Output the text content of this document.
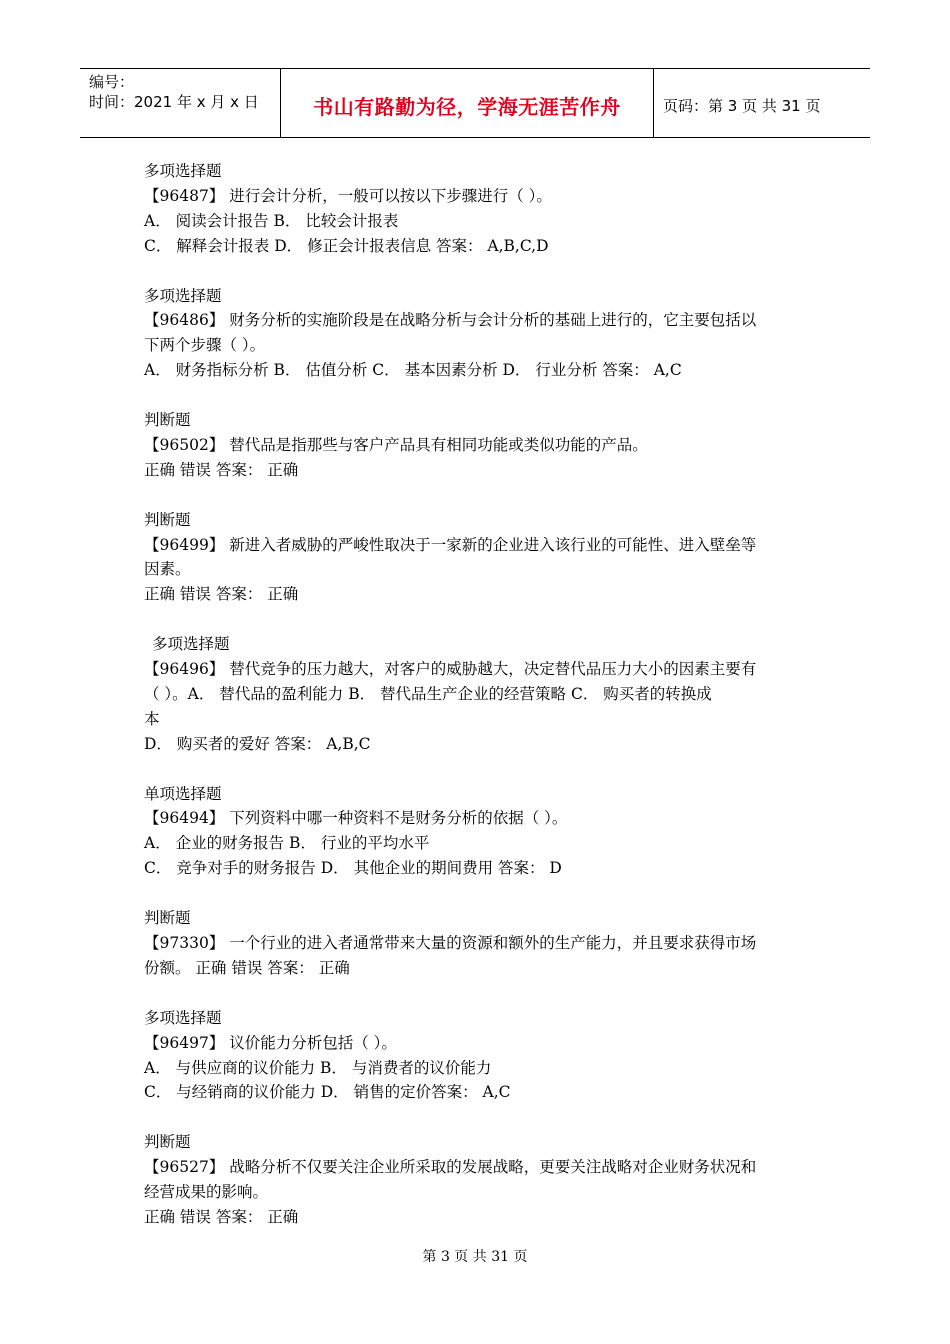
编号：
时间：2021 年 x 月 x 日	书山有路勤为径，学海无涯苦作舟	页码：第 3 页 共 31 页
多项选择题
【96487】 进行会计分析，一般可以按以下步骤进行（ ）。
A． 阅读会计报告 B． 比较会计报表
C． 解释会计报表 D． 修正会计报表信息 答案： A,B,C,D
多项选择题
【96486】 财务分析的实施阶段是在战略分析与会计分析的基础上进行的，它主要包括以
下两个步骤（ ）。
A． 财务指标分析 B． 估值分析 C． 基本因素分析 D． 行业分析 答案： A,C
判断题
【96502】 替代品是指那些与客户产品具有相同功能或类似功能的产品。
正确 错误 答案： 正确
判断题
【96499】 新进入者威胁的严峻性取决于一家新的企业进入该行业的可能性、进入壁垒等
因素。
正确 错误 答案： 正确
多项选择题
【96496】 替代竞争的压力越大，对客户的威胁越大，决定替代品压力大小的因素主要有
（ ）。A． 替代品的盈利能力 B． 替代品生产企业的经营策略 C． 购买者的转换成
本
D． 购买者的爱好 答案： A,B,C
单项选择题
【96494】 下列资料中哪一种资料不是财务分析的依据（ ）。
A． 企业的财务报告 B． 行业的平均水平
C． 竞争对手的财务报告 D． 其他企业的期间费用 答案： D
判断题
【97330】 一个行业的进入者通常带来大量的资源和额外的生产能力，并且要求获得市场
份额。 正确 错误 答案： 正确
多项选择题
【96497】 议价能力分析包括（ ）。
A． 与供应商的议价能力 B． 与消费者的议价能力
C． 与经销商的议价能力 D． 销售的定价答案： A,C
判断题
【96527】 战略分析不仅要关注企业所采取的发展战略，更要关注战略对企业财务状况和
经营成果的影响。
正确 错误 答案： 正确
第 3 页 共 31 页
